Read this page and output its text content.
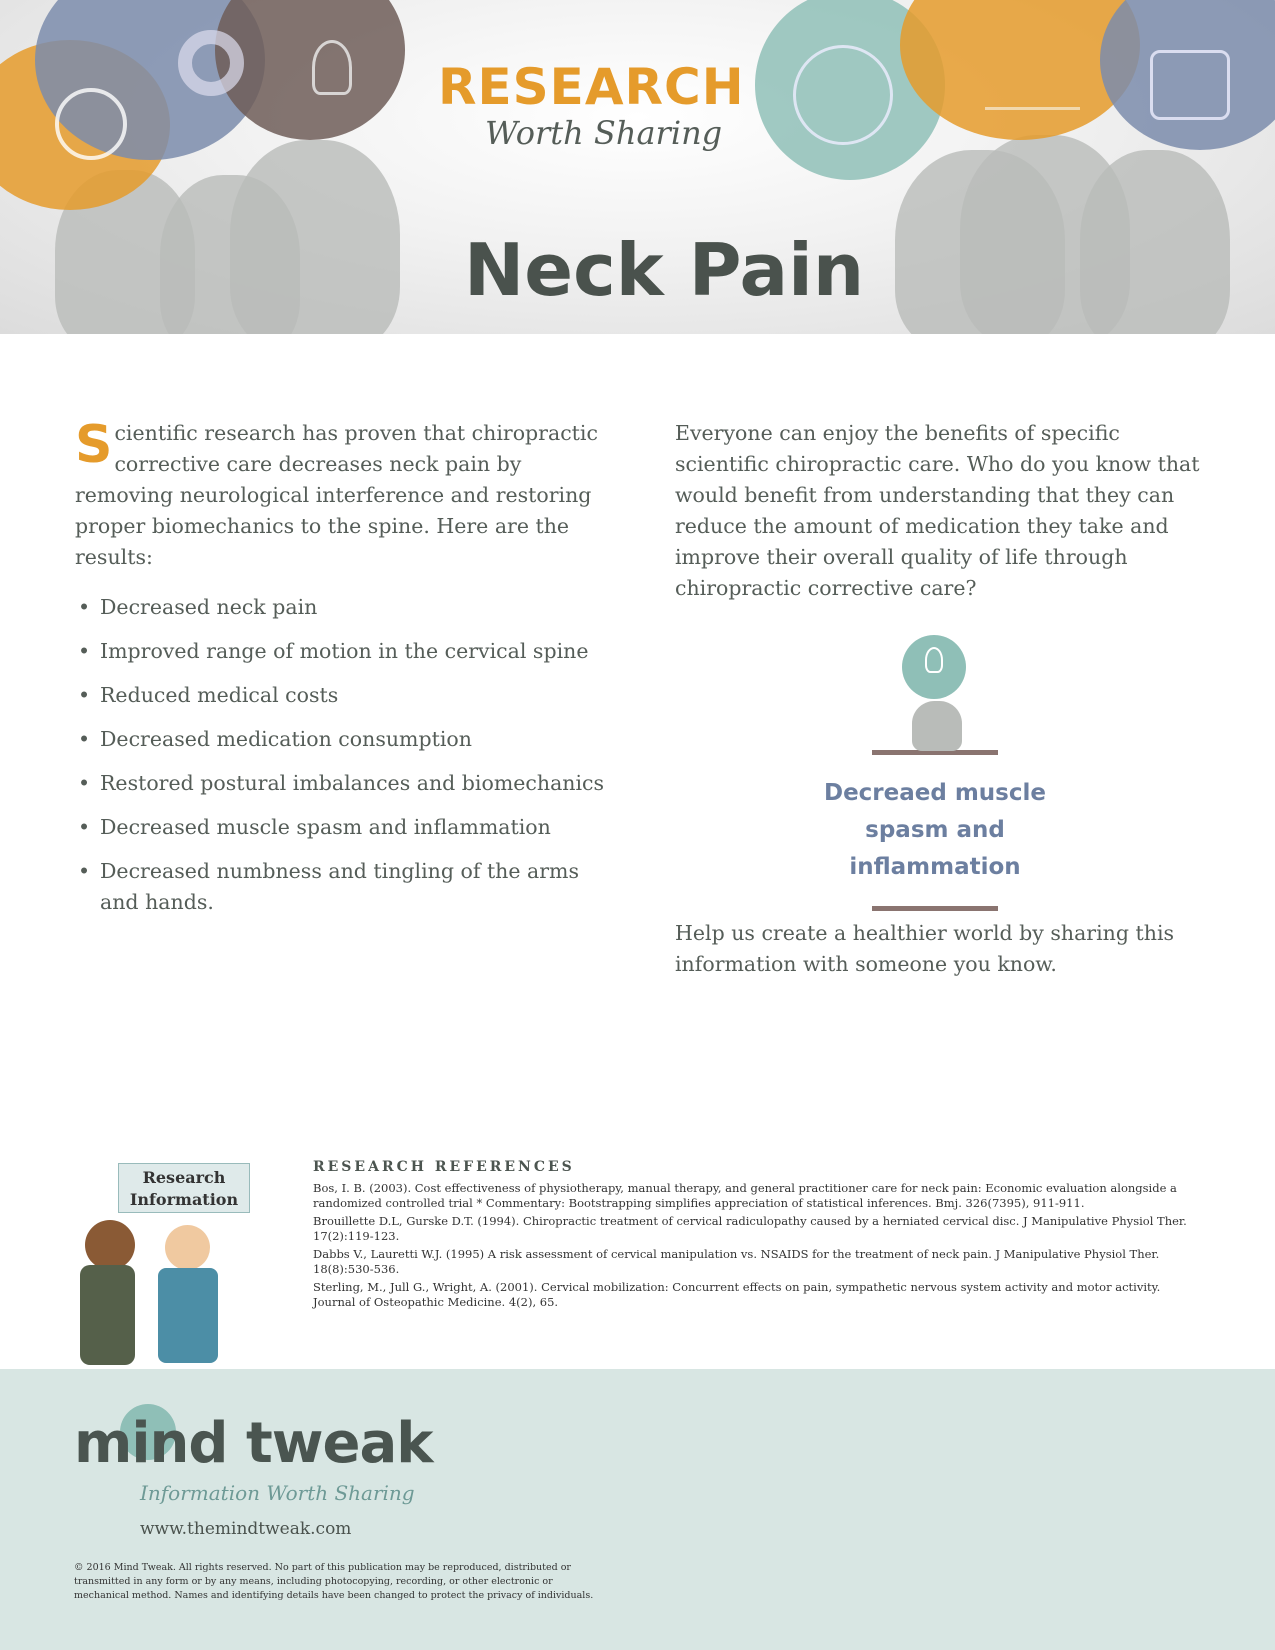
RESEARCH
Worth Sharing
Neck Pain
S cientific research has proven that chiropractic corrective care decreases neck pain by removing neurological interference and restoring proper biomechanics to the spine. Here are the results:
• Decreased neck pain
• Improved range of motion in the cervical spine
• Reduced medical costs
• Decreased medication consumption
• Restored postural imbalances and biomechanics
• Decreased muscle spasm and inflammation
• Decreased numbness and tingling of the arms and hands.
Everyone can enjoy the benefits of specific scientific chiropractic care. Who do you know that would benefit from understanding that they can reduce the amount of medication they take and improve their overall quality of life through chiropractic corrective care?
Decreaed muscle spasm and inflammation
Help us create a healthier world by sharing this information with someone you know.
Research Information
RESEARCH REFERENCES

Bos, I. B. (2003). Cost effectiveness of physiotherapy, manual therapy, and general practitioner care for neck pain: Economic evaluation alongside a randomized controlled trial * Commentary: Bootstrapping simplifies appreciation of statistical inferences. Bmj. 326(7395), 911-911.

Brouillette D.L, Gurske D.T. (1994). Chiropractic treatment of cervical radiculopathy caused by a herniated cervical disc. J Manipulative Physiol Ther. 17(2):119-123.

Dabbs V., Lauretti W.J. (1995) A risk assessment of cervical manipulation vs. NSAIDS for the treatment of neck pain. J Manipulative Physiol Ther. 18(8):530-536.

Sterling, M., Jull G., Wright, A. (2001). Cervical mobilization: Concurrent effects on pain, sympathetic nervous system activity and motor activity. Journal of Osteopathic Medicine. 4(2), 65.

mind tweak
Information Worth Sharing
www.themindtweak.com
© 2016 Mind Tweak. All rights reserved. No part of this publication may be reproduced, distributed or transmitted in any form or by any means, including photocopying, recording, or other electronic or mechanical method. Names and identifying details have been changed to protect the privacy of individuals.
